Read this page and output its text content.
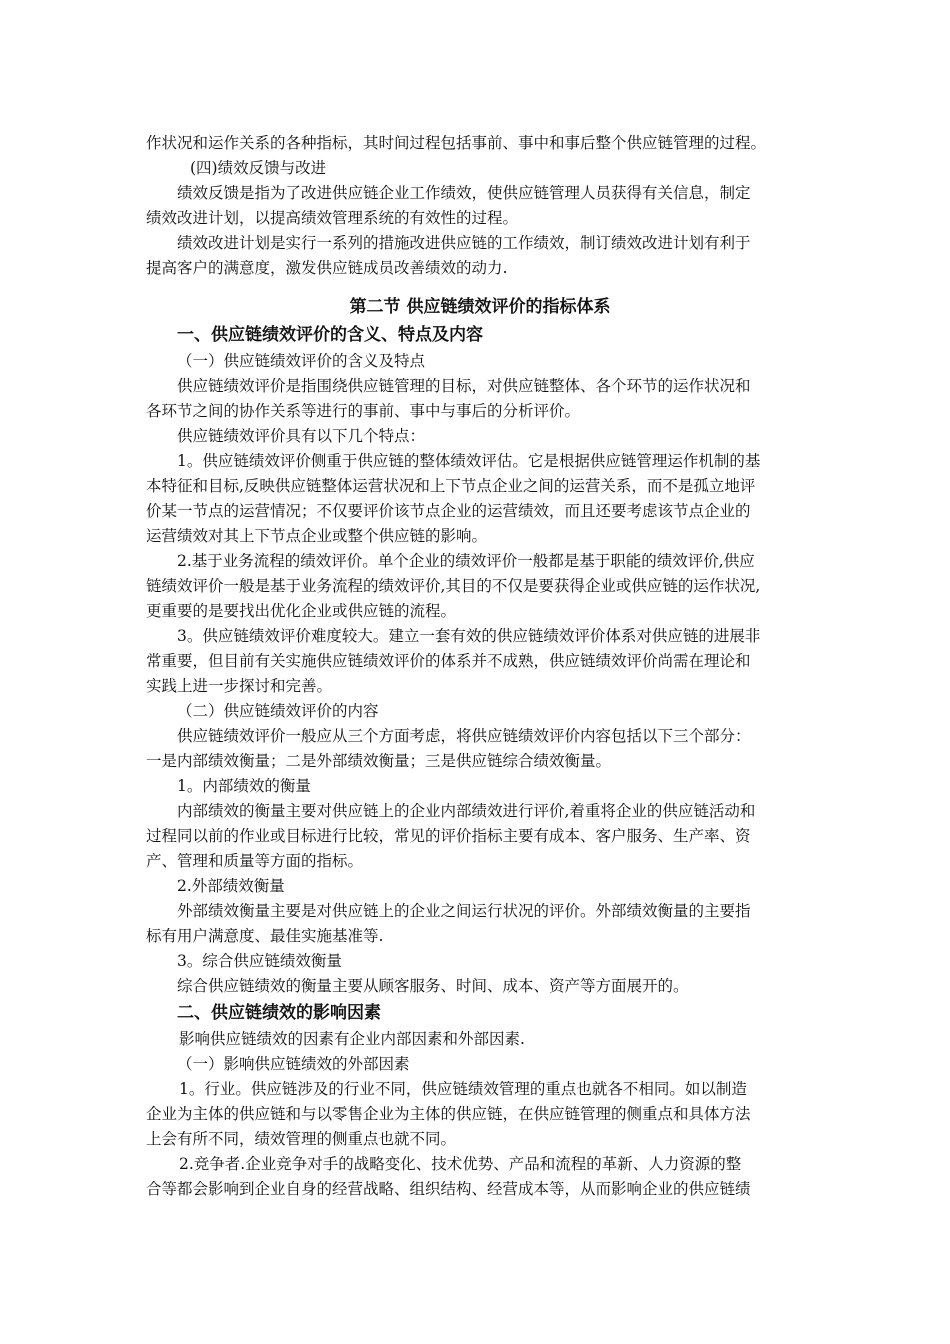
作状况和运作关系的各种指标，其时间过程包括事前、事中和事后整个供应链管理的过程。
(四)绩效反馈与改进
绩效反馈是指为了改进供应链企业工作绩效，使供应链管理人员获得有关信息，制定
绩效改进计划，以提高绩效管理系统的有效性的过程。
绩效改进计划是实行一系列的措施改进供应链的工作绩效，制订绩效改进计划有利于
提高客户的满意度，激发供应链成员改善绩效的动力.
第二节 供应链绩效评价的指标体系
一、供应链绩效评价的含义、特点及内容
（一）供应链绩效评价的含义及特点
供应链绩效评价是指围绕供应链管理的目标，对供应链整体、各个环节的运作状况和
各环节之间的协作关系等进行的事前、事中与事后的分析评价。
供应链绩效评价具有以下几个特点：
1。供应链绩效评价侧重于供应链的整体绩效评估。它是根据供应链管理运作机制的基
本特征和目标,反映供应链整体运营状况和上下节点企业之间的运营关系，而不是孤立地评
价某一节点的运营情况；不仅要评价该节点企业的运营绩效，而且还要考虑该节点企业的
运营绩效对其上下节点企业或整个供应链的影响。
2.基于业务流程的绩效评价。单个企业的绩效评价一般都是基于职能的绩效评价,供应
链绩效评价一般是基于业务流程的绩效评价,其目的不仅是要获得企业或供应链的运作状况,
更重要的是要找出优化企业或供应链的流程。
3。供应链绩效评价难度较大。建立一套有效的供应链绩效评价体系对供应链的进展非
常重要，但目前有关实施供应链绩效评价的体系并不成熟，供应链绩效评价尚需在理论和
实践上进一步探讨和完善。
（二）供应链绩效评价的内容
供应链绩效评价一般应从三个方面考虑，将供应链绩效评价内容包括以下三个部分：
一是内部绩效衡量；二是外部绩效衡量；三是供应链综合绩效衡量。
1。内部绩效的衡量
内部绩效的衡量主要对供应链上的企业内部绩效进行评价,着重将企业的供应链活动和
过程同以前的作业或目标进行比较，常见的评价指标主要有成本、客户服务、生产率、资
产、管理和质量等方面的指标。
2.外部绩效衡量
外部绩效衡量主要是对供应链上的企业之间运行状况的评价。外部绩效衡量的主要指
标有用户满意度、最佳实施基准等.
3。综合供应链绩效衡量
综合供应链绩效的衡量主要从顾客服务、时间、成本、资产等方面展开的。
二、供应链绩效的影响因素
影响供应链绩效的因素有企业内部因素和外部因素.
（一）影响供应链绩效的外部因素
1。行业。供应链涉及的行业不同，供应链绩效管理的重点也就各不相同。如以制造
企业为主体的供应链和与以零售企业为主体的供应链，在供应链管理的侧重点和具体方法
上会有所不同，绩效管理的侧重点也就不同。
2.竞争者.企业竞争对手的战略变化、技术优势、产品和流程的革新、人力资源的整
合等都会影响到企业自身的经营战略、组织结构、经营成本等，从而影响企业的供应链绩
